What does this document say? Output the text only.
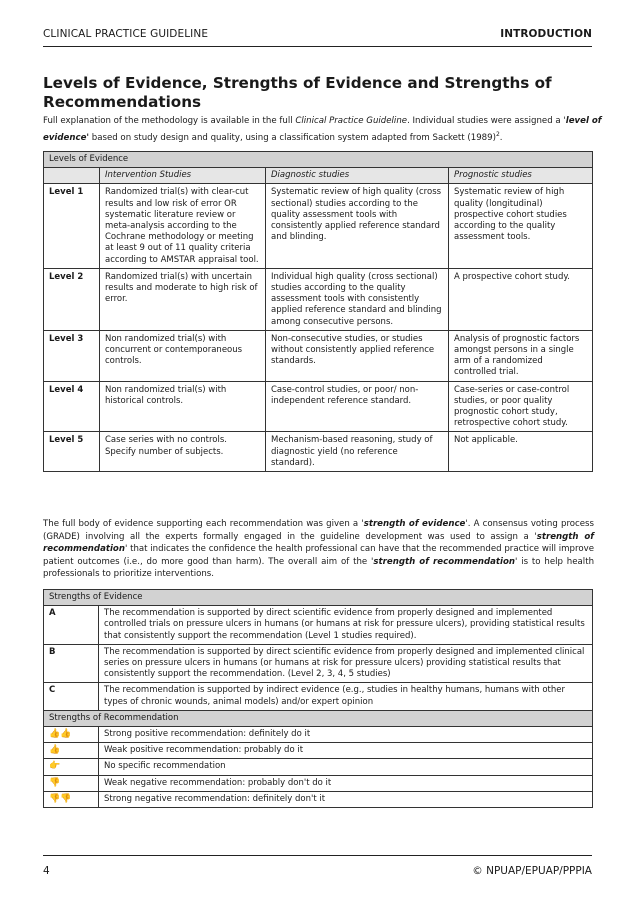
CLINICAL PRACTICE GUIDELINE	INTRODUCTION
Levels of Evidence, Strengths of Evidence and Strengths of Recommendations
Full explanation of the methodology is available in the full Clinical Practice Guideline. Individual studies were assigned a 'level of evidence' based on study design and quality, using a classification system adapted from Sackett $(1989)^2$.
Levels of Evidence			
	Intervention Studies	Diagnostic studies	Prognostic studies
Level 1	Randomized trial(s) with clear-cut results and low risk of error OR systematic literature review or meta-analysis according to the Cochrane methodology or meeting at least 9 out of 11 quality criteria according to AMSTAR appraisal tool.	Systematic review of high quality (cross sectional) studies according to the quality assessment tools with consistently applied reference standard and blinding.	Systematic review of high quality (longitudinal) prospective cohort studies according to the quality assessment tools.
Level 2	Randomized trial(s) with uncertain results and moderate to high risk of error.	Individual high quality (cross sectional) studies according to the quality assessment tools with consistently applied reference standard and blinding among consecutive persons.	A prospective cohort study.
Level 3	Non randomized trial(s) with concurrent or contemporaneous controls.	Non-consecutive studies, or studies without consistently applied reference standards.	Analysis of prognostic factors amongst persons in a single arm of a randomized controlled trial.
Level 4	Non randomized trial(s) with historical controls.	Case-control studies, or poor/ non-independent reference standard.	Case-series or case-control studies, or poor quality prognostic cohort study, retrospective cohort study.
Level 5	Case series with no controls. Specify number of subjects.	Mechanism-based reasoning, study of diagnostic yield (no reference standard).	Not applicable.
The full body of evidence supporting each recommendation was given a 'strength of evidence'. A consensus voting process (GRADE) involving all the experts formally engaged in the guideline development was used to assign a 'strength of recommendation' that indicates the confidence the health professional can have that the recommended practice will improve patient outcomes (i.e., do more good than harm). The overall aim of the 'strength of recommendation' is to help health professionals to prioritize interventions.
Strengths of Evidence	
A	The recommendation is supported by direct scientific evidence from properly designed and implemented controlled trials on pressure ulcers in humans (or humans at risk for pressure ulcers), providing statistical results that consistently support the recommendation (Level 1 studies required).
B	The recommendation is supported by direct scientific evidence from properly designed and implemented clinical series on pressure ulcers in humans (or humans at risk for pressure ulcers) providing statistical results that consistently support the recommendation. (Level 2, 3, 4, 5 studies)
C	The recommendation is supported by indirect evidence (e.g., studies in healthy humans, humans with other types of chronic wounds, animal models) and/or expert opinion
Strengths of Recommendation	
👍👍	Strong positive recommendation: definitely do it
👍	Weak positive recommendation: probably do it
👉	No specific recommendation
👎	Weak negative recommendation: probably don't do it
👎👎	Strong negative recommendation: definitely don't it
4	© NPUAP/EPUAP/PPPIA
